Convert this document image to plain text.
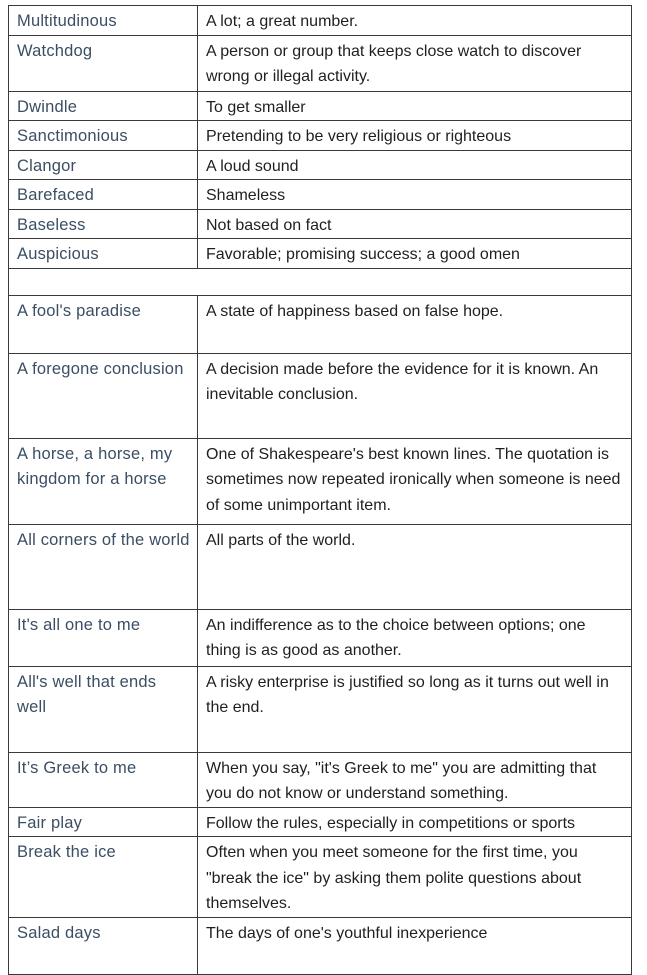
Multitudinous	A lot; a great number.
Watchdog	A person or group that keeps close watch to discover wrong or illegal activity.
Dwindle	To get smaller
Sanctimonious	Pretending to be very religious or righteous
Clangor	A loud sound
Barefaced	Shameless
Baseless	Not based on fact
Auspicious	Favorable; promising success; a good omen

A fool's paradise	A state of happiness based on false hope.
A foregone conclusion	A decision made before the evidence for it is known. An inevitable conclusion.
A horse, a horse, my kingdom for a horse	One of Shakespeare's best known lines. The quotation is sometimes now repeated ironically when someone is need of some unimportant item.
All corners of the world	All parts of the world.
It's all one to me	An indifference as to the choice between options; one thing is as good as another.
All's well that ends well	A risky enterprise is justified so long as it turns out well in the end.
It’s Greek to me	When you say, "it's Greek to me" you are admitting that you do not know or understand something.
Fair play	Follow the rules, especially in competitions or sports
Break the ice	Often when you meet someone for the first time, you "break the ice" by asking them polite questions about themselves.
Salad days	The days of one's youthful inexperience
